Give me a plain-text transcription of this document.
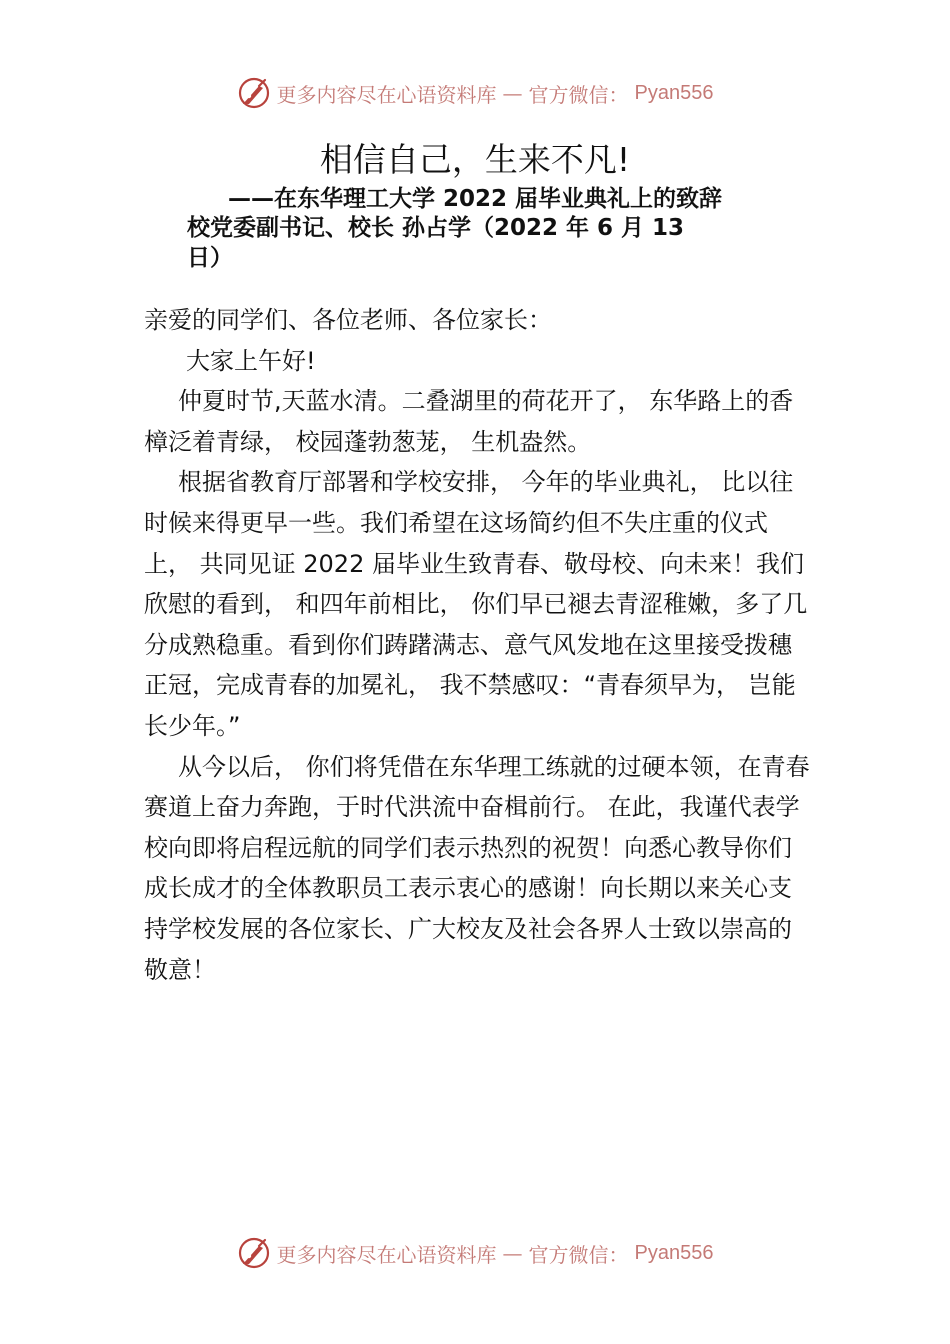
更多内容尽在心语资料库 — 官方微信： Pyan556
相信自己，生来不凡!

——在东华理工大学 2022 届毕业典礼上的致辞

校党委副书记、校长 孙占学（2022 年 6 月 13 日）

亲爱的同学们、各位老师、各位家长：

大家上午好!

仲夏时节,天蓝水清。二叠湖里的荷花开了， 东华路上的香樟泛着青绿， 校园蓬勃葱茏， 生机盎然。

根据省教育厅部署和学校安排， 今年的毕业典礼， 比以往时候来得更早一些。我们希望在这场简约但不失庄重的仪式上， 共同见证 2022 届毕业生致青春、敬母校、向未来！我们欣慰的看到， 和四年前相比， 你们早已褪去青涩稚嫩，多了几分成熟稳重。看到你们踌躇满志、意气风发地在这里接受拨穗正冠，完成青春的加冕礼， 我不禁感叹：“青春须早为， 岂能长少年。”

从今以后， 你们将凭借在东华理工练就的过硬本领，在青春赛道上奋力奔跑，于时代洪流中奋楫前行。 在此，我谨代表学校向即将启程远航的同学们表示热烈的祝贺！向悉心教导你们成长成才的全体教职员工表示衷心的感谢！向长期以来关心支持学校发展的各位家长、广大校友及社会各界人士致以崇高的敬意！

更多内容尽在心语资料库 — 官方微信： Pyan556
